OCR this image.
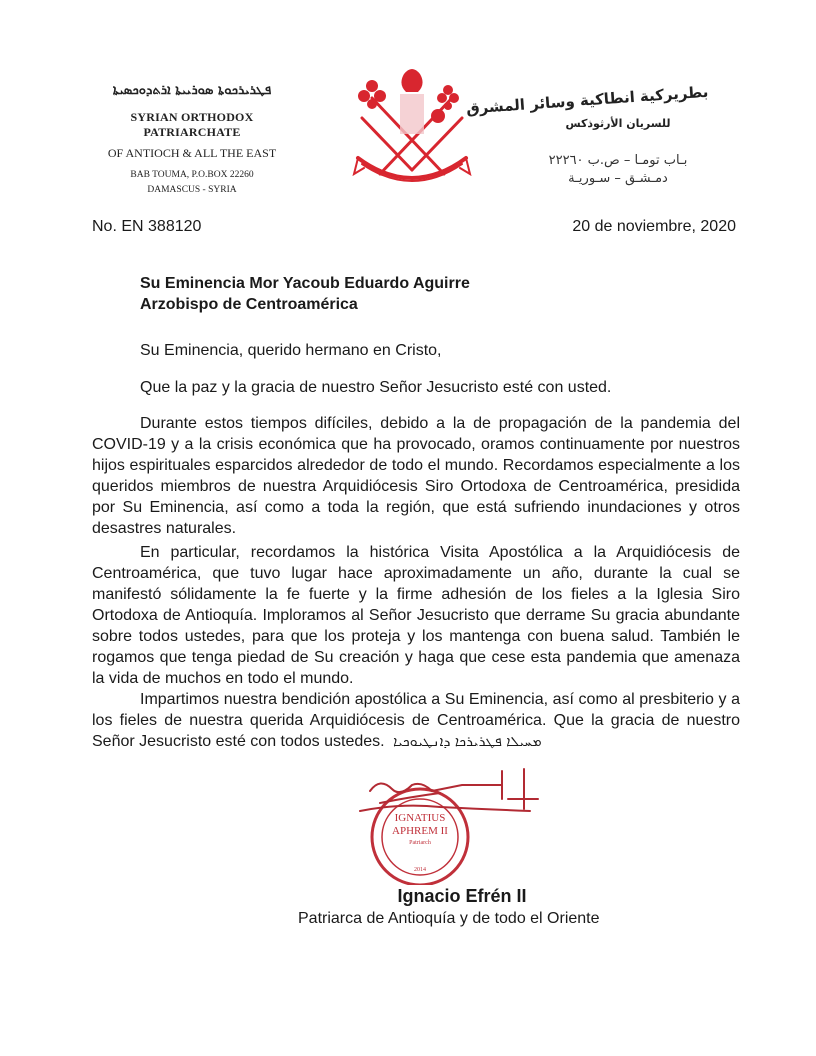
ܦܛܪܝܪܟܘܬܐ ܣܘܪܝܝܬܐ ܐܪܬܕܘܟܣܝܬܐ
SYRIAN ORTHODOX PATRIARCHATE
OF ANTIOCH & ALL THE EAST
BAB TOUMA, P.O.BOX 22260
DAMASCUS - SYRIA
بطريركية انطاكية وسائر المشرق
للسريان الأرثوذكس
بـاب تومـا – ص.ب ٢٢٢٦٠
دمـشـق – سـوريـة
No. EN 388120	20 de noviembre, 2020
Su Eminencia Mor Yacoub Eduardo Aguirre
Arzobispo de Centroamérica
Su Eminencia, querido hermano en Cristo,
Que la paz y la gracia de nuestro Señor Jesucristo esté con usted.
Durante estos tiempos difíciles, debido a la de propagación de la pandemia del COVID-19 y a la crisis económica que ha provocado, oramos continuamente por nuestros hijos espirituales esparcidos alrededor de todo el mundo. Recordamos especialmente a los queridos miembros de nuestra Arquidiócesis Siro Ortodoxa de Centroamérica, presidida por Su Eminencia, así como a toda la región, que está sufriendo inundaciones y otros desastres naturales.
En particular, recordamos la histórica Visita Apostólica a la Arquidiócesis de Centroamérica, que tuvo lugar hace aproximadamente un año, durante la cual se manifestó sólidamente la fe fuerte y la firme adhesión de los fieles a la Iglesia Siro Ortodoxa de Antioquía. Imploramos al Señor Jesucristo que derrame Su gracia abundante sobre todos ustedes, para que los proteja y los mantenga con buena salud. También le rogamos que tenga piedad de Su creación y haga que cese esta pandemia que amenaza la vida de muchos en todo el mundo.
Impartimos nuestra bendición apostólica a Su Eminencia, así como al presbiterio y a los fieles de nuestra querida Arquidiócesis de Centroamérica. Que la gracia de nuestro Señor Jesucristo esté con todos ustedes. ܡܚܝܠܐ ܦܛܪܝܪܟܐ ܕܐܢܛܝܘܟܝܐ
IGNATIUS
APHREM II
Patriarch
2014
Ignacio Efrén II
Patriarca de Antioquía y de todo el Oriente
